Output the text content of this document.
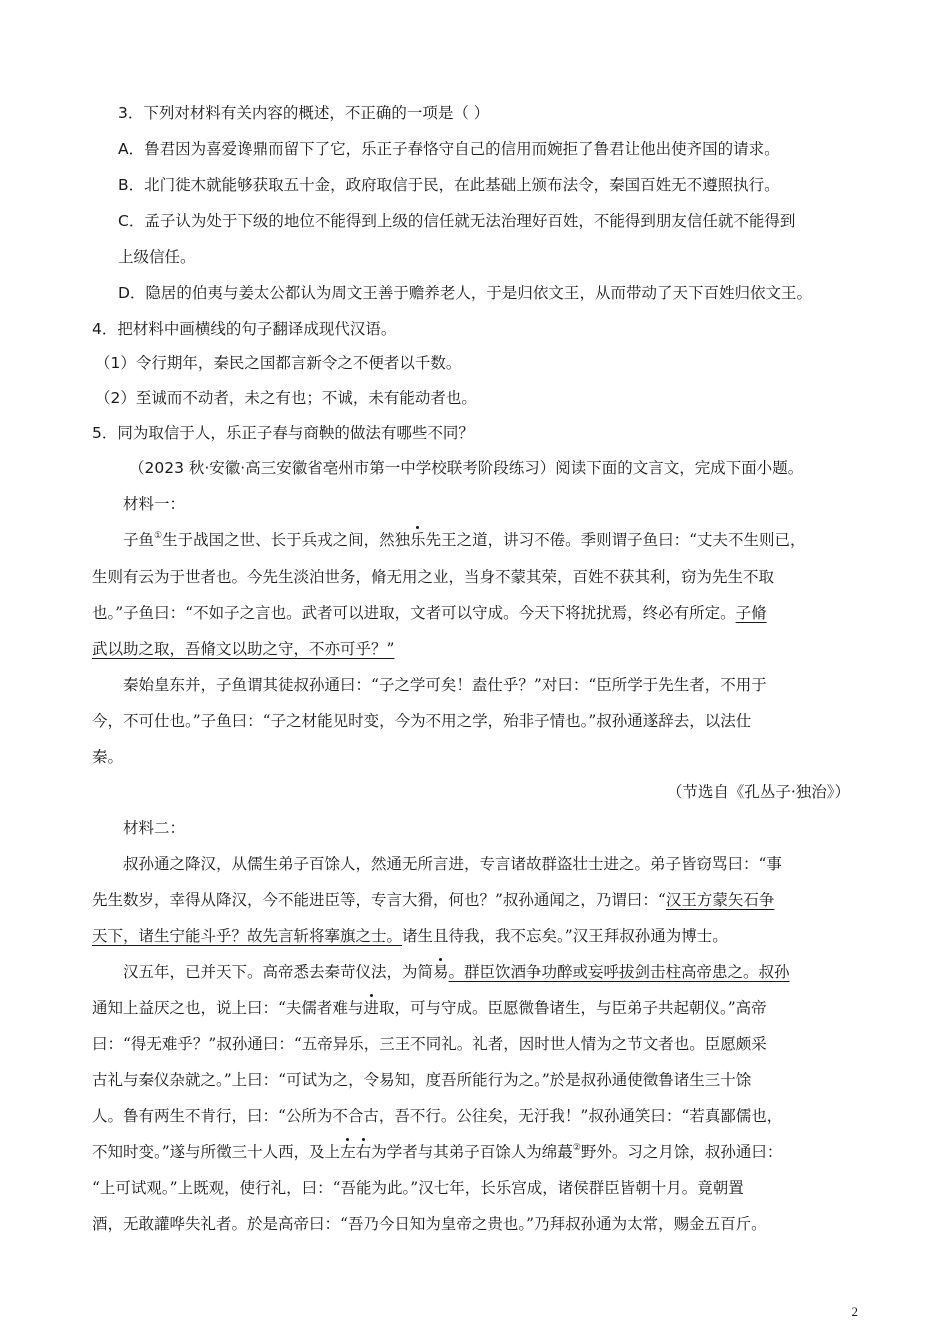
3．下列对材料有关内容的概述，不正确的一项是（ ）
A．鲁君因为喜爱谗鼎而留下了它，乐正子春恪守自己的信用而婉拒了鲁君让他出使齐国的请求。
B．北门徙木就能够获取五十金，政府取信于民，在此基础上颁布法令，秦国百姓无不遵照执行。
C．孟子认为处于下级的地位不能得到上级的信任就无法治理好百姓，不能得到朋友信任就不能得到
上级信任。
D．隐居的伯夷与姜太公都认为周文王善于赡养老人，于是归依文王，从而带动了天下百姓归依文王。
4．把材料中画横线的句子翻译成现代汉语。
（1）令行期年，秦民之国都言新令之不便者以千数。
（2）至诚而不动者，未之有也；不诚，未有能动者也。
5．同为取信于人，乐正子春与商鞅的做法有哪些不同？
（2023 秋·安徽·高三安徽省亳州市第一中学校联考阶段练习）阅读下面的文言文，完成下面小题。
材料一：
子鱼①生于战国之世、长于兵戎之间，然独乐先王之道，讲习不倦。季则谓子鱼曰：“丈夫不生则已，
生则有云为于世者也。今先生淡泊世务，脩无用之业，当身不蒙其荣，百姓不获其利，窃为先生不取
也。”子鱼曰：“不如子之言也。武者可以进取，文者可以守成。今天下将扰扰焉，终必有所定。子脩
武以助之取，吾脩文以助之守，不亦可乎？”
秦始皇东并，子鱼谓其徒叔孙通曰：“子之学可矣！盍仕乎？”对曰：“臣所学于先生者，不用于
今，不可仕也。”子鱼曰：“子之材能见时变，今为不用之学，殆非子情也。”叔孙通遂辞去，以法仕
秦。
（节选自《孔丛子·独治》）
材料二：
叔孙通之降汉，从儒生弟子百馀人，然通无所言进，专言诸故群盗壮士进之。弟子皆窃骂曰：“事
先生数岁，幸得从降汉，今不能进臣等，专言大猾，何也？”叔孙通闻之，乃谓曰：“汉王方蒙矢石争
天下，诸生宁能斗乎？故先言斩将搴旗之士。诸生且待我，我不忘矣。”汉王拜叔孙通为博士。
汉五年，已并天下。高帝悉去秦苛仪法，为简易。群臣饮酒争功醉或妄呼拔剑击柱高帝患之。叔孙
通知上益厌之也，说上曰：“夫儒者难与进取，可与守成。臣愿微鲁诸生，与臣弟子共起朝仪。”高帝
曰：“得无难乎？”叔孙通曰：“五帝异乐，三王不同礼。礼者，因时世人情为之节文者也。臣愿颇采
古礼与秦仪杂就之。”上曰：“可试为之，令易知，度吾所能行为之。”於是叔孙通使徵鲁诸生三十馀
人。鲁有两生不肯行，曰：“公所为不合古，吾不行。公往矣，无汙我！”叔孙通笑曰：“若真鄙儒也，
不知时变。”遂与所徵三十人西，及上左右为学者与其弟子百馀人为绵蕞②野外。习之月馀，叔孙通曰：
“上可试观。”上既观，使行礼，曰：“吾能为此。”汉七年，长乐宫成，诸侯群臣皆朝十月。竟朝置
酒，无敢讙哗失礼者。於是高帝曰：“吾乃今日知为皇帝之贵也。”乃拜叔孙通为太常，赐金五百斤。
2
